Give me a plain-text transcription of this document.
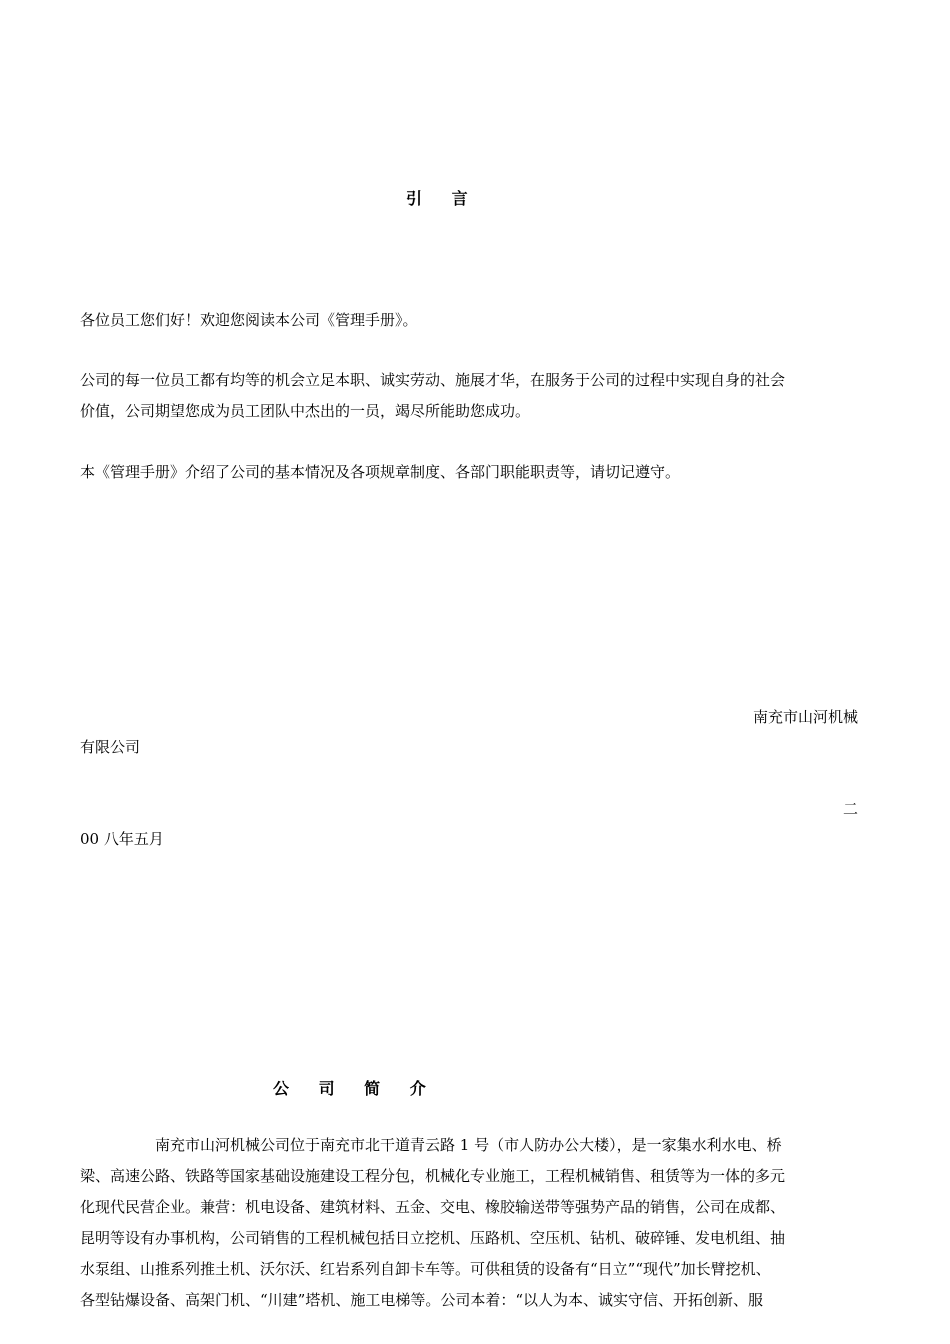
引 言
各位员工您们好！欢迎您阅读本公司《管理手册》。
公司的每一位员工都有均等的机会立足本职、诚实劳动、施展才华，在服务于公司的过程中实现自身的社会
价值，公司期望您成为员工团队中杰出的一员，竭尽所能助您成功。
本《管理手册》介绍了公司的基本情况及各项规章制度、各部门职能职责等，请切记遵守。
南充市山河机械
有限公司
二
00 八年五月
公 司 简 介
南充市山河机械公司位于南充市北干道青云路 1 号（市人防办公大楼），是一家集水利水电、桥
梁、高速公路、铁路等国家基础设施建设工程分包，机械化专业施工，工程机械销售、租赁等为一体的多元
化现代民营企业。兼营：机电设备、建筑材料、五金、交电、橡胶输送带等强势产品的销售，公司在成都、
昆明等设有办事机构，公司销售的工程机械包括日立挖机、压路机、空压机、钻机、破碎锤、发电机组、抽
水泵组、山推系列推土机、沃尔沃、红岩系列自卸卡车等。可供租赁的设备有“日立”“现代”加长臂挖机、
各型钻爆设备、高架门机、“川建”塔机、施工电梯等。公司本着：“以人为本、诚实守信、开拓创新、服
